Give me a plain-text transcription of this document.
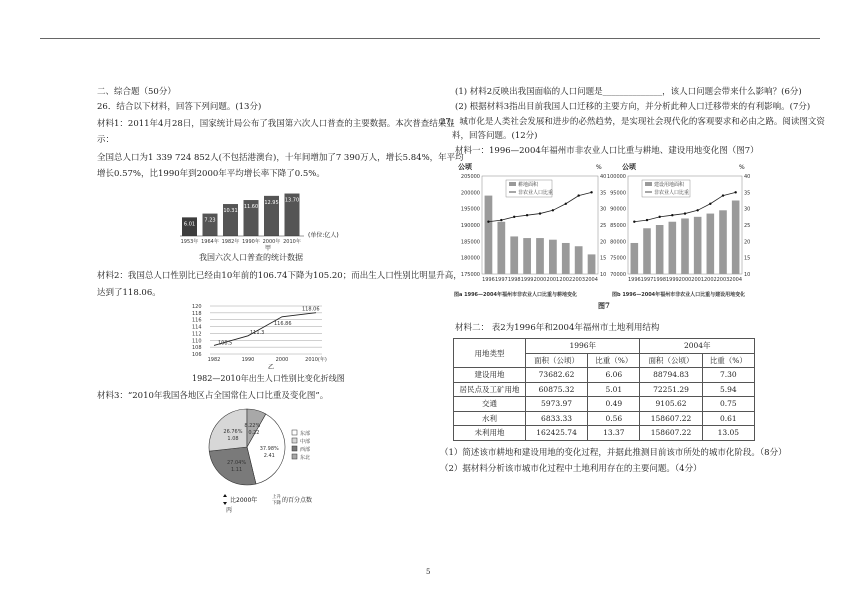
二、综合题（50分）
26．结合以下材料，回答下列问题。(13分)
材料1：2011年4月28日，国家统计局公布了我国第六次人口普查的主要数据。本次普查结果显
示：
全国总人口为1 339 724 852人(不包括港澳台)，十年间增加了7 390万人，增长5.84%，年平均
增长0.57%，比1990年到2000年平均增长率下降了0.5%。
6.01
7.23
10.31
11.60
12.95 13.70
1953年 1964年 1982年 1990年 2000年 2010年
(单位:亿人)
甲
我国六次人口普查的统计数据
材料2：我国总人口性别比已经由10年前的106.74下降为105.20；而出生人口性别比明显升高，
达到了118.06。
120
118
116
114
112
110
108
106
108.5
111.3
116.86
118.06
1982	1990	2000	2010(年)
乙
1982—2010年出生人口性别比变化折线图
材料3：“2010年我国各地区占全国常住人口比重及变化图”。
37.98%
2.41
26.76%
1.08
27.04%
1.11
8.22%
0.22	东部
中部
西部
东北
比2000年	上升
下降 的百分点数
丙
(1) 材料2反映出我国面临的人口问题是______________，该人口问题会带来什么影响？(6分)
(2) 根据材料3指出目前我国人口迁移的主要方向，并分析此种人口迁移带来的有利影响。(7分)
27．城市化是人类社会发展和进步的必然趋势，是实现社会现代化的客观要求和必由之路。阅读图文资
料，回答问题。(12分)
材料一：1996—2004年福州市非农业人口比重与耕地、建设用地变化图（图7）
公顷	%
205000
200000
195000
190000
185000
180000
175000
40
35
30
25
20
15
10
1996 1997 1998 1999 2000 2001 2002 2003 2004
耕地面积
非农业人口比重
图a 1996—2004年福州市非农业人口比重与耕地变化
公顷	%
100000
95000
90000
85000
80000
75000
70000
40
35
30
25
20
15
10
1996 1997 1998 1999 2000 2001 2002 2003 2004
建设用地面积
非农业人口比重
图b 1996—2004年福州市非农业人口比重与建设用地变化
图7
材料二： 表2为1996年和2004年福州市土地利用结构
用地类型	1996年		2004年	
	面积（公顷）	比重（%）	面积（公顷）	比重（%）
建设用地	73682.62	6.06	88794.83	7.30
居民点及工矿用地	60875.32	5.01	72251.29	5.94
交通	5973.97	0.49	9105.62	0.75
水利	6833.33	0.56	158607.22	0.61
未利用地	162425.74	13.37	158607.22	13.05
（1）简述该市耕地和建设用地的变化过程，并据此推测目前该市所处的城市化阶段。（8分）
（2）据材料分析该市城市化过程中土地利用存在的主要问题。（4分）
5
